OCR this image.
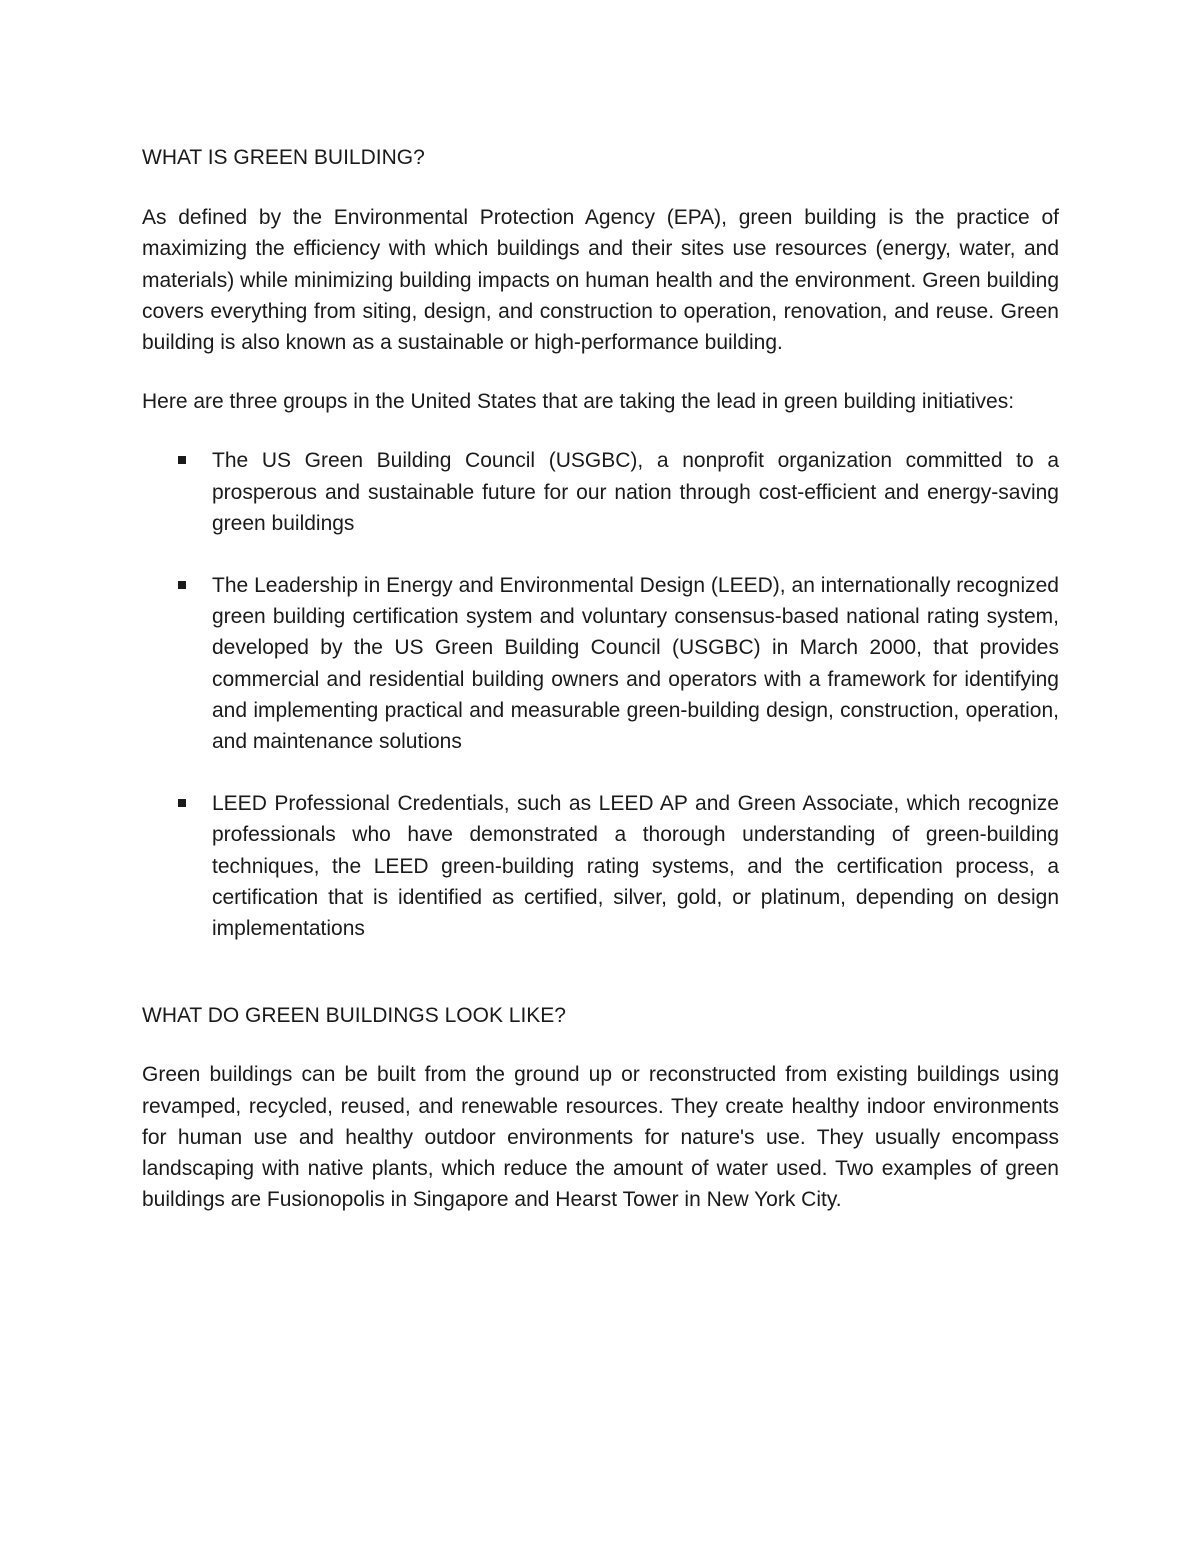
WHAT IS GREEN BUILDING?

As defined by the Environmental Protection Agency (EPA), green building is the practice of maximizing the efficiency with which buildings and their sites use resources (energy, water, and materials) while minimizing building impacts on human health and the environment. Green building covers everything from siting, design, and construction to operation, renovation, and reuse. Green building is also known as a sustainable or high-performance building.

Here are three groups in the United States that are taking the lead in green building initiatives:

The US Green Building Council (USGBC), a nonprofit organization committed to a prosperous and sustainable future for our nation through cost-efficient and energy-saving green buildings
The Leadership in Energy and Environmental Design (LEED), an internationally recognized green building certification system and voluntary consensus-based national rating system, developed by the US Green Building Council (USGBC) in March 2000, that provides commercial and residential building owners and operators with a framework for identifying and implementing practical and measurable green-building design, construction, operation, and maintenance solutions
LEED Professional Credentials, such as LEED AP and Green Associate, which recognize professionals who have demonstrated a thorough understanding of green-building techniques, the LEED green-building rating systems, and the certification process, a certification that is identified as certified, silver, gold, or platinum, depending on design implementations
WHAT DO GREEN BUILDINGS LOOK LIKE?

Green buildings can be built from the ground up or reconstructed from existing buildings using revamped, recycled, reused, and renewable resources. They create healthy indoor environments for human use and healthy outdoor environments for nature's use. They usually encompass landscaping with native plants, which reduce the amount of water used. Two examples of green buildings are Fusionopolis in Singapore and Hearst Tower in New York City.
